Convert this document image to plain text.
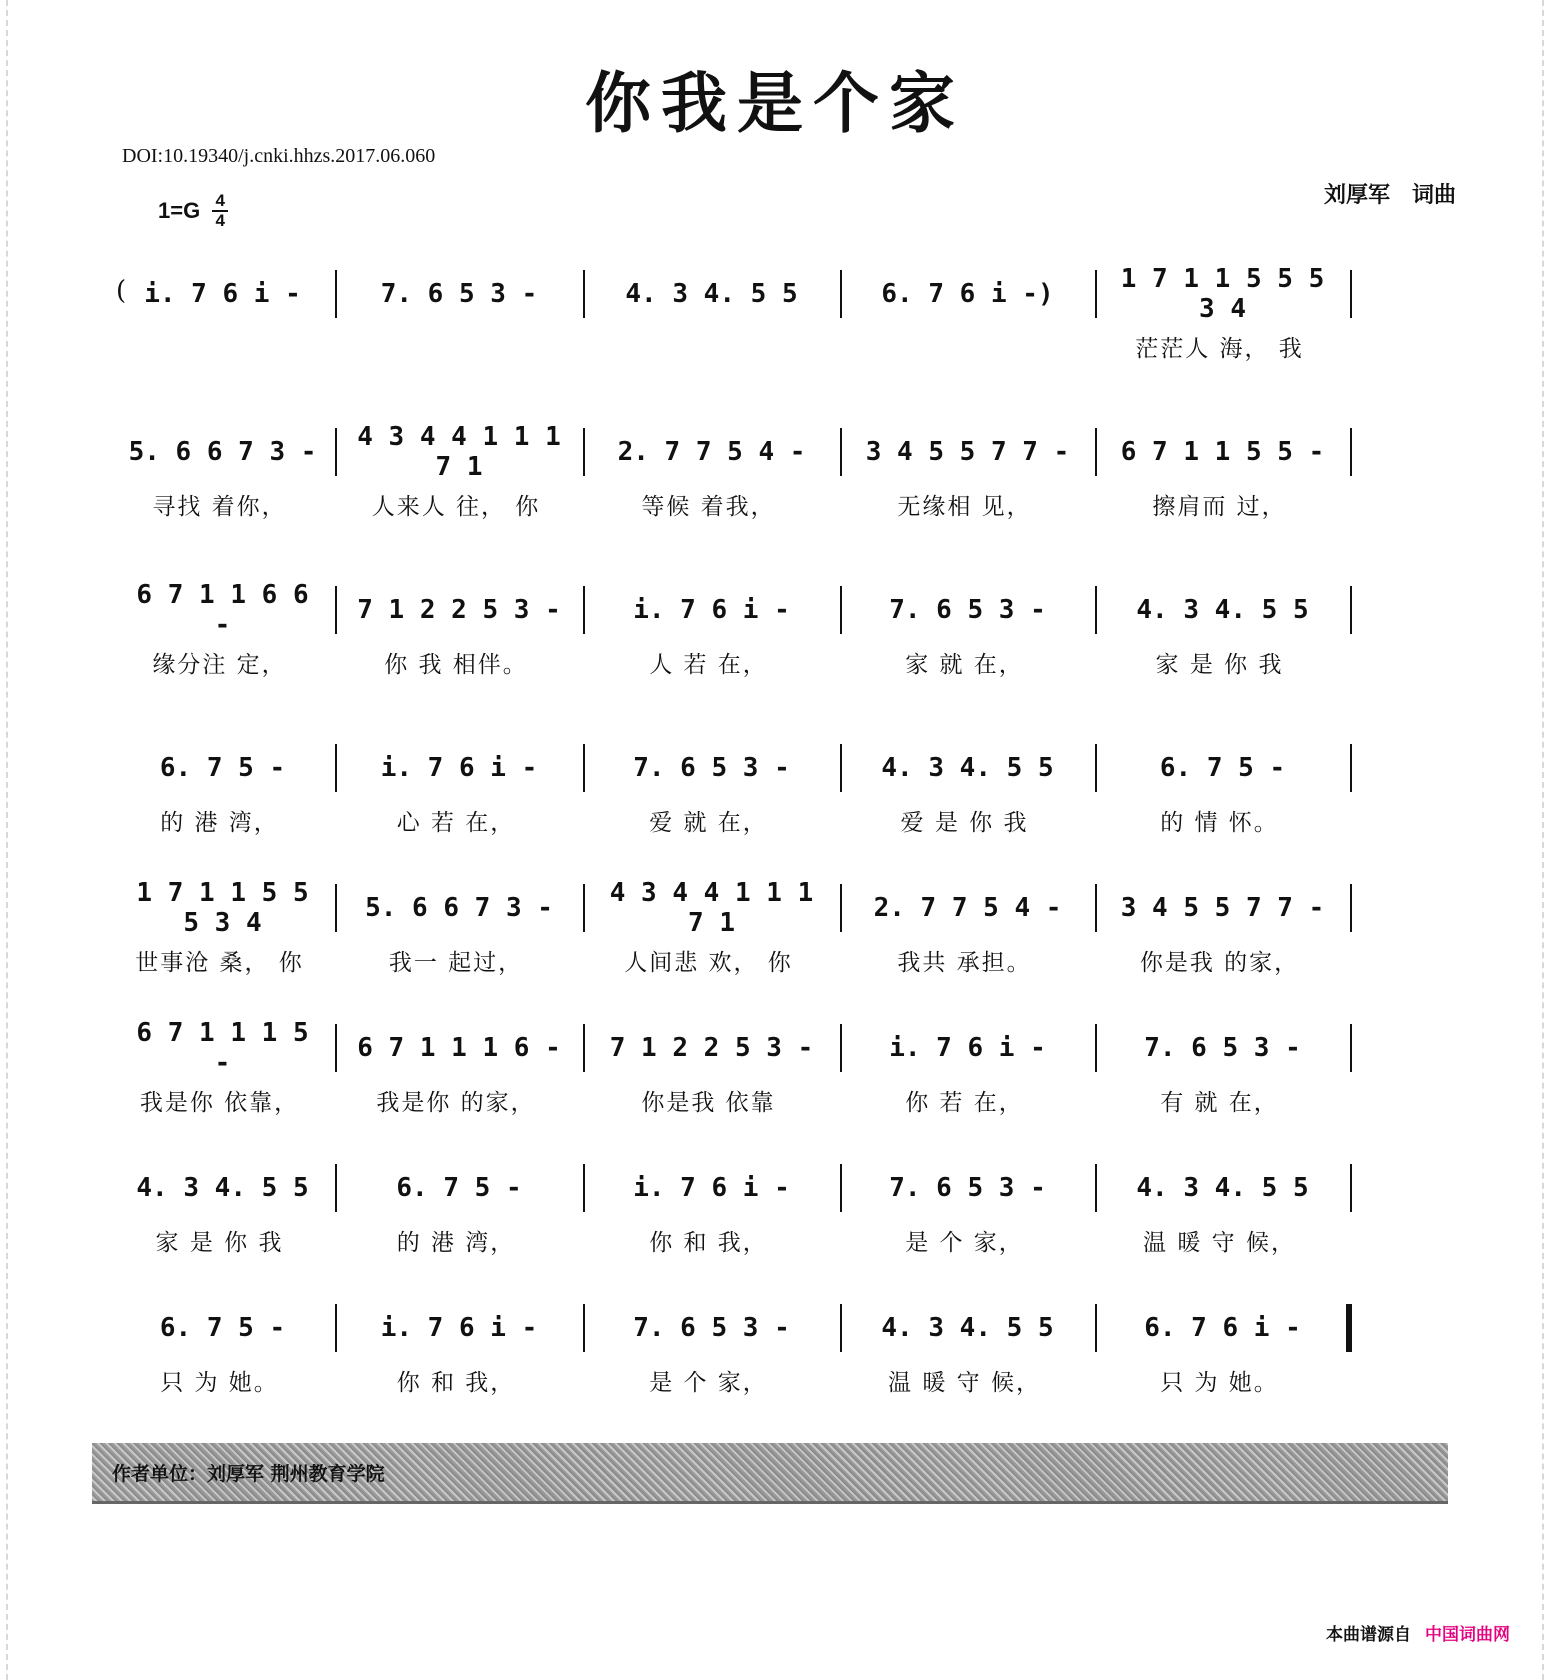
你我是个家
DOI:10.19340/j.cnki.hhzs.2017.06.060
$1=G \frac{4}{4}$	刘厚军　词曲
( i. 7 6 i -	7. 6 5 3 -	4. 3 4. 5 5	6. 7 6 i -)	1 7 1 1 5 5 5 3 4
茫茫人 海， 我
5. 6 6 7 3 -
寻找 着你，
4 3 4 4 1 1 1 7 1
人来人 往， 你
2. 7 7 5 4 -
等候 着我，
3 4 5 5 7 7 -
无缘相 见，
6 7 1 1 5 5 -
擦肩而 过，
6 7 1 1 6 6 -
缘分注 定，
7 1 2 2 5 3 -
你 我 相伴。
i. 7 6 i -
人 若 在，
7. 6 5 3 -
家 就 在，
4. 3 4. 5 5
家 是 你 我
6. 7 5 -
的 港 湾，
i. 7 6 i -
心 若 在，
7. 6 5 3 -
爱 就 在，
4. 3 4. 5 5
爱 是 你 我
6. 7 5 -
的 情 怀。
1 7 1 1 5 5 5 3 4
世事沧 桑， 你
5. 6 6 7 3 -
我一 起过，
4 3 4 4 1 1 1 7 1
人间悲 欢， 你
2. 7 7 5 4 -
我共 承担。
3 4 5 5 7 7 -
你是我 的家，
6 7 1 1 1 5 -
我是你 依靠，
6 7 1 1 1 6 -
我是你 的家，
7 1 2 2 5 3 -
你是我 依靠
i. 7 6 i -
你 若 在，
7. 6 5 3 -
有 就 在，
4. 3 4. 5 5
家 是 你 我
6. 7 5 -
的 港 湾，
i. 7 6 i -
你 和 我，
7. 6 5 3 -
是 个 家，
4. 3 4. 5 5
温 暖 守 候，
6. 7 5 -
只 为 她。
i. 7 6 i -
你 和 我，
7. 6 5 3 -
是 个 家，
4. 3 4. 5 5
温 暖 守 候，
6. 7 6 i -
只 为 她。
作者单位：刘厚军 荆州教育学院
本曲谱源自 中国词曲网
